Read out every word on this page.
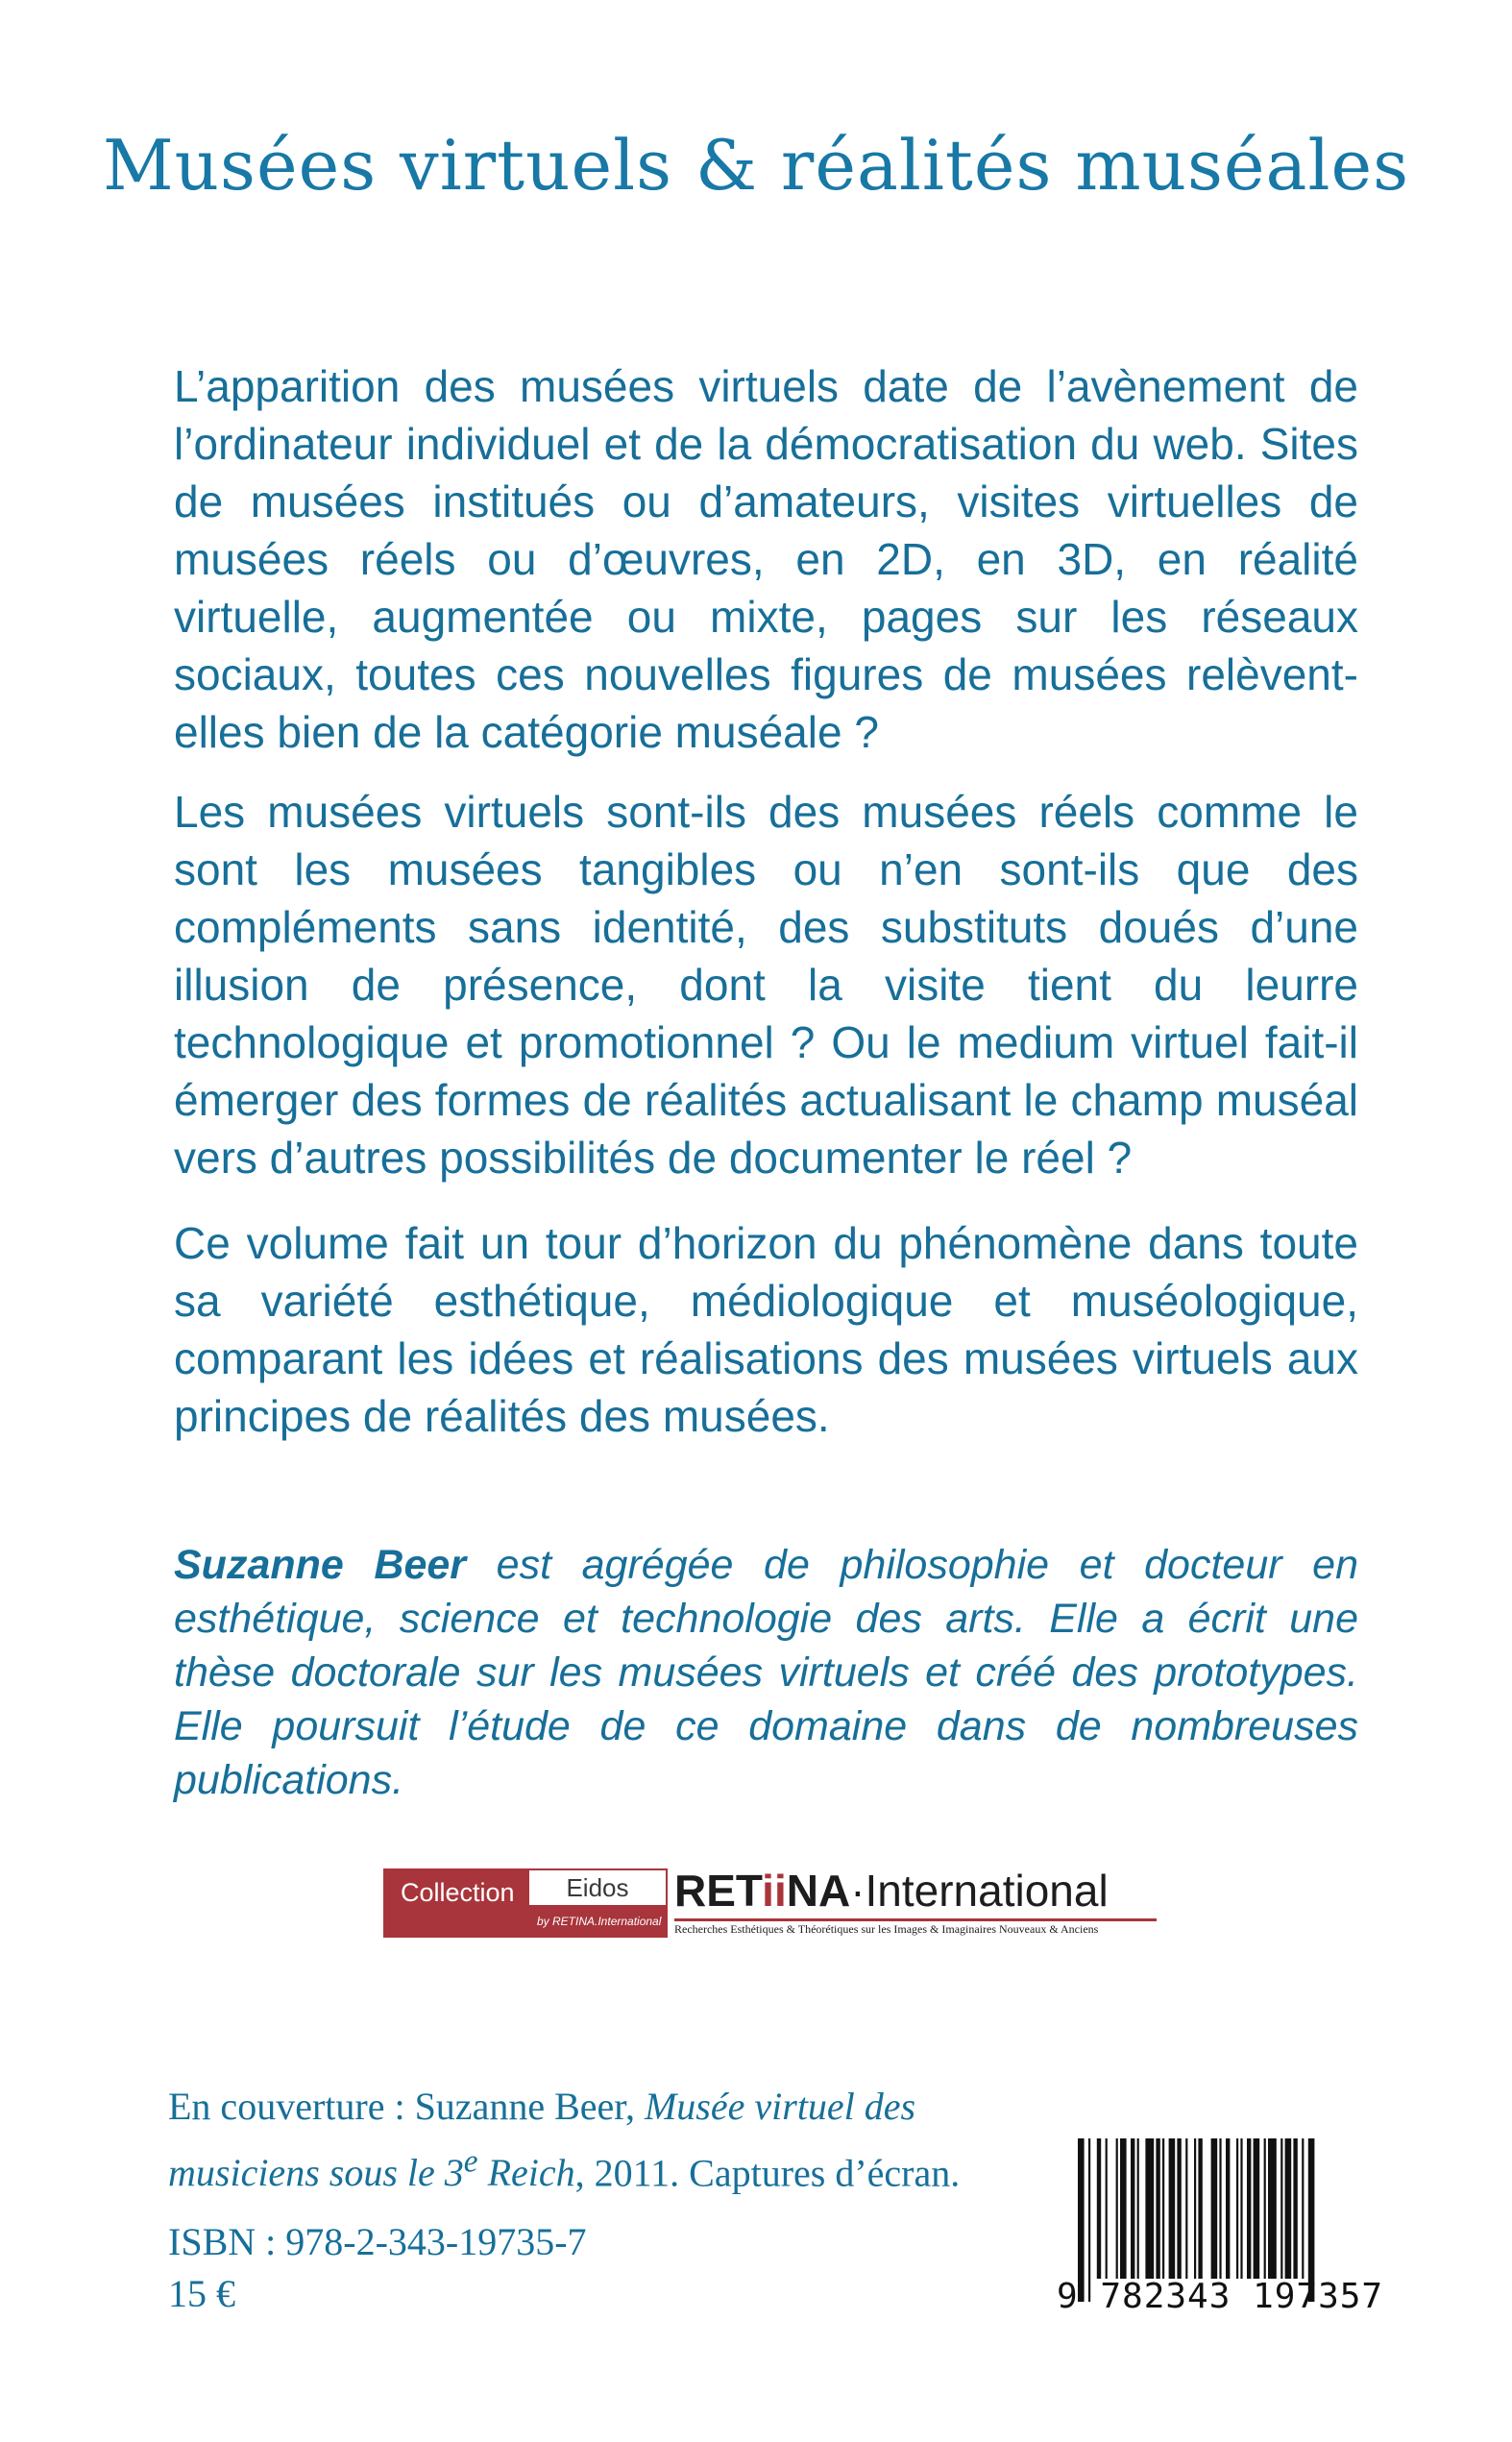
Musées virtuels & réalités muséales

L’apparition des musées virtuels date de l’avènement de l’ordinateur individuel et de la démocratisation du web. Sites de musées institués ou d’amateurs, visites virtuelles de musées réels ou d’œuvres, en 2D, en 3D, en réalité virtuelle, augmentée ou mixte, pages sur les réseaux sociaux, toutes ces nouvelles figures de musées relèvent-elles bien de la catégorie muséale ?

Les musées virtuels sont-ils des musées réels comme le sont les musées tangibles ou n’en sont-ils que des compléments sans identité, des substituts doués d’une illusion de présence, dont la visite tient du leurre technologique et promotionnel ? Ou le medium virtuel fait-il émerger des formes de réalités actualisant le champ muséal vers d’autres possibilités de documenter le réel ?

Ce volume fait un tour d’horizon du phénomène dans toute sa variété esthétique, médiologique et muséologique, comparant les idées et réalisations des musées virtuels aux principes de réalités des musées.

Suzanne Beer est agrégée de philosophie et docteur en esthétique, science et technologie des arts. Elle a écrit une thèse doctorale sur les musées virtuels et créé des prototypes. Elle poursuit l’étude de ce domaine dans de nombreuses publications.

Collection	Eidos
by RETINA.International
RETiiNA·International
Recherches Esthétiques & Théorétiques sur les Images & Imaginaires Nouveaux & Anciens

En couverture : Suzanne Beer, Musée virtuel des musiciens sous le 3e Reich, 2011. Captures d’écran.

ISBN : 978-2-343-19735-7
15 €	9 782343 197357
